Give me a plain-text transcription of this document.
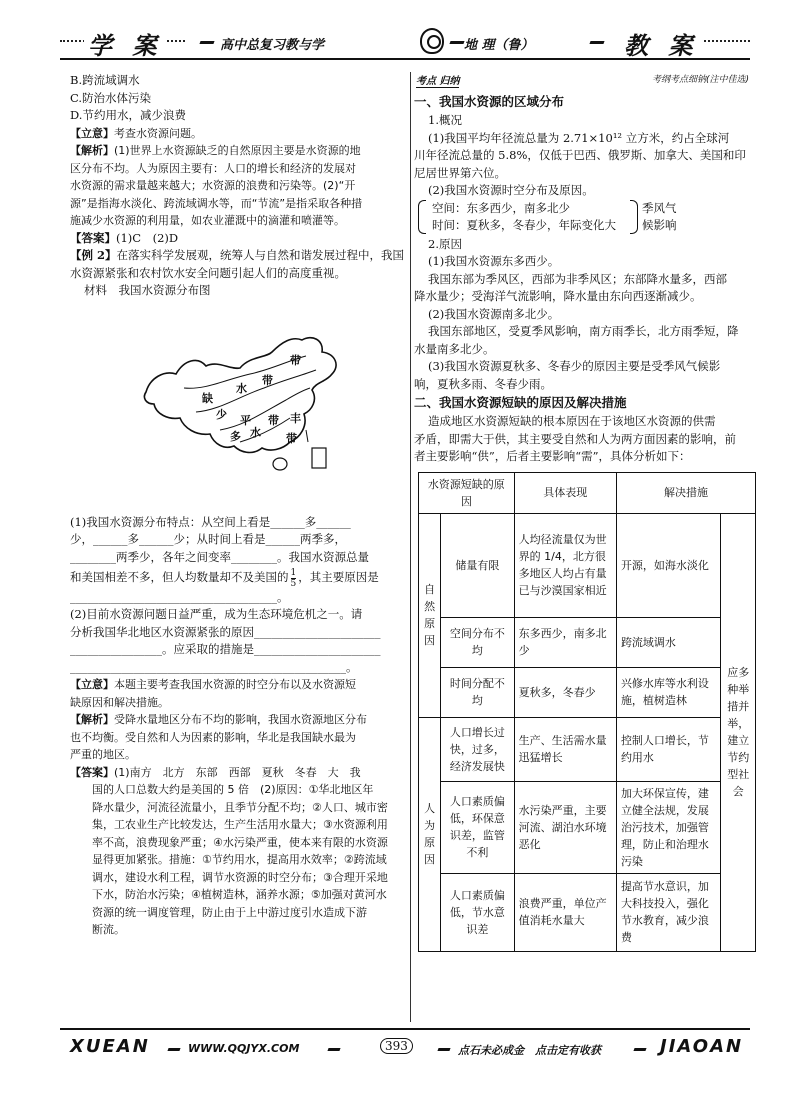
学 案	高中总复习教与学	地 理（鲁）	教 案
B.跨流域调水
C.防治水体污染
D.节约用水，减少浪费
【立意】考查水资源问题。
【解析】(1)世界上水资源缺乏的自然原因主要是水资源的地
区分布不均。人为原因主要有：人口的增长和经济的发展对
水资源的需求量越来越大；水资源的浪费和污染等。(2)“开
源”是指海水淡化、跨流域调水等，而“节流”是指采取各种措
施减少水资源的利用量，如农业灌溉中的滴灌和喷灌等。
【答案】(1)C　(2)D
【例 2】在落实科学发展观，统筹人与自然和谐发展过程中，我国
水资源紧张和农村饮水安全问题引起人们的高度重视。
材料　我国水资源分布图
带
带
水
缺
少 平
多 水
带 丰
带
(1)我国水资源分布特点：从空间上看是______多______
少，______多______少；从时间上看是______两季多，
________两季少，各年之间变率________。我国水资源总量
和美国相差不多，但人均数量却不及美国的 $\frac{1}{5}$ ，其主要原因是
____________________________________。
(2)目前水资源问题日益严重，成为生态环境危机之一。请
分析我国华北地区水资源紧张的原因______________________
________________。应采取的措施是______________________
________________________________________________。
【立意】本题主要考查我国水资源的时空分布以及水资源短
缺原因和解决措施。
【解析】受降水量地区分布不均的影响，我国水资源地区分布
也不均衡。受自然和人为因素的影响，华北是我国缺水最为
严重的地区。
【答案】(1)南方　北方　东部　西部　夏秋　冬春　大　我
国的人口总数大约是美国的 5 倍　(2)原因：①华北地区年
降水量少，河流径流量小，且季节分配不均；②人口、城市密
集，工农业生产比较发达，生产生活用水量大；③水资源利用
率不高，浪费现象严重；④水污染严重，使本来有限的水资源
显得更加紧张。措施：①节约用水，提高用水效率；②跨流域
调水，建设水利工程，调节水资源的时空分布；③合理开采地
下水，防治水污染；④植树造林，涵养水源；⑤加强对黄河水
资源的统一调度管理，防止由于上中游过度引水造成下游
断流。
考点 归纳	考纲考点细钠(注中佳选)
一、我国水资源的区域分布
1.概况
(1)我国平均年径流总量为 2.71×10¹² 立方米，约占全球河
川年径流总量的 5.8%，仅低于巴西、俄罗斯、加拿大、美国和印
尼居世界第六位。
(2)我国水资源时空分布及原因。
空间：东多西少，南多北少
时间：夏秋多，冬春少，年际变化大
季风气
候影响
2.原因
(1)我国水资源东多西少。
我国东部为季风区，西部为非季风区；东部降水量多，西部
降水量少；受海洋气流影响，降水量由东向西逐渐减少。
(2)我国水资源南多北少。
我国东部地区，受夏季风影响，南方雨季长，北方雨季短，降
水量南多北少。
(3)我国水资源夏秋多、冬春少的原因主要是受季风气候影
响，夏秋多雨、冬春少雨。
二、我国水资源短缺的原因及解决措施
造成地区水资源短缺的根本原因在于该地区水资源的供需
矛盾，即需大于供，其主要受自然和人为两方面因素的影响，前
者主要影响“供”，后者主要影响“需”，具体分析如下：
水资源短缺的原因		具体表现	解决措施	
自然原因	储量有限	人均径流量仅为世界的 1/4，北方很多地区人均占有量已与沙漠国家相近	开源，如海水淡化	应多种举措并举，建立节约型社会
	空间分布不均	东多西少，南多北少	跨流域调水	
	时间分配不均	夏秋多，冬春少	兴修水库等水利设施，植树造林	
人为原因	人口增长过快，过多，经济发展快	生产、生活需水量迅猛增长	控制人口增长，节约用水	
	人口素质偏低，环保意识差，监管不利	水污染严重，主要河流、湖泊水环境恶化	加大环保宣传，建立健全法规，发展治污技术，加强管理，防止和治理水污染	
	人口素质偏低，节水意识差	浪费严重，单位产值消耗水量大	提高节水意识，加大科技投入，强化节水教育，减少浪费	
XUEAN	WWW.QQJYX.COM	393	点石未必成金　点击定有收获	JIAOAN
